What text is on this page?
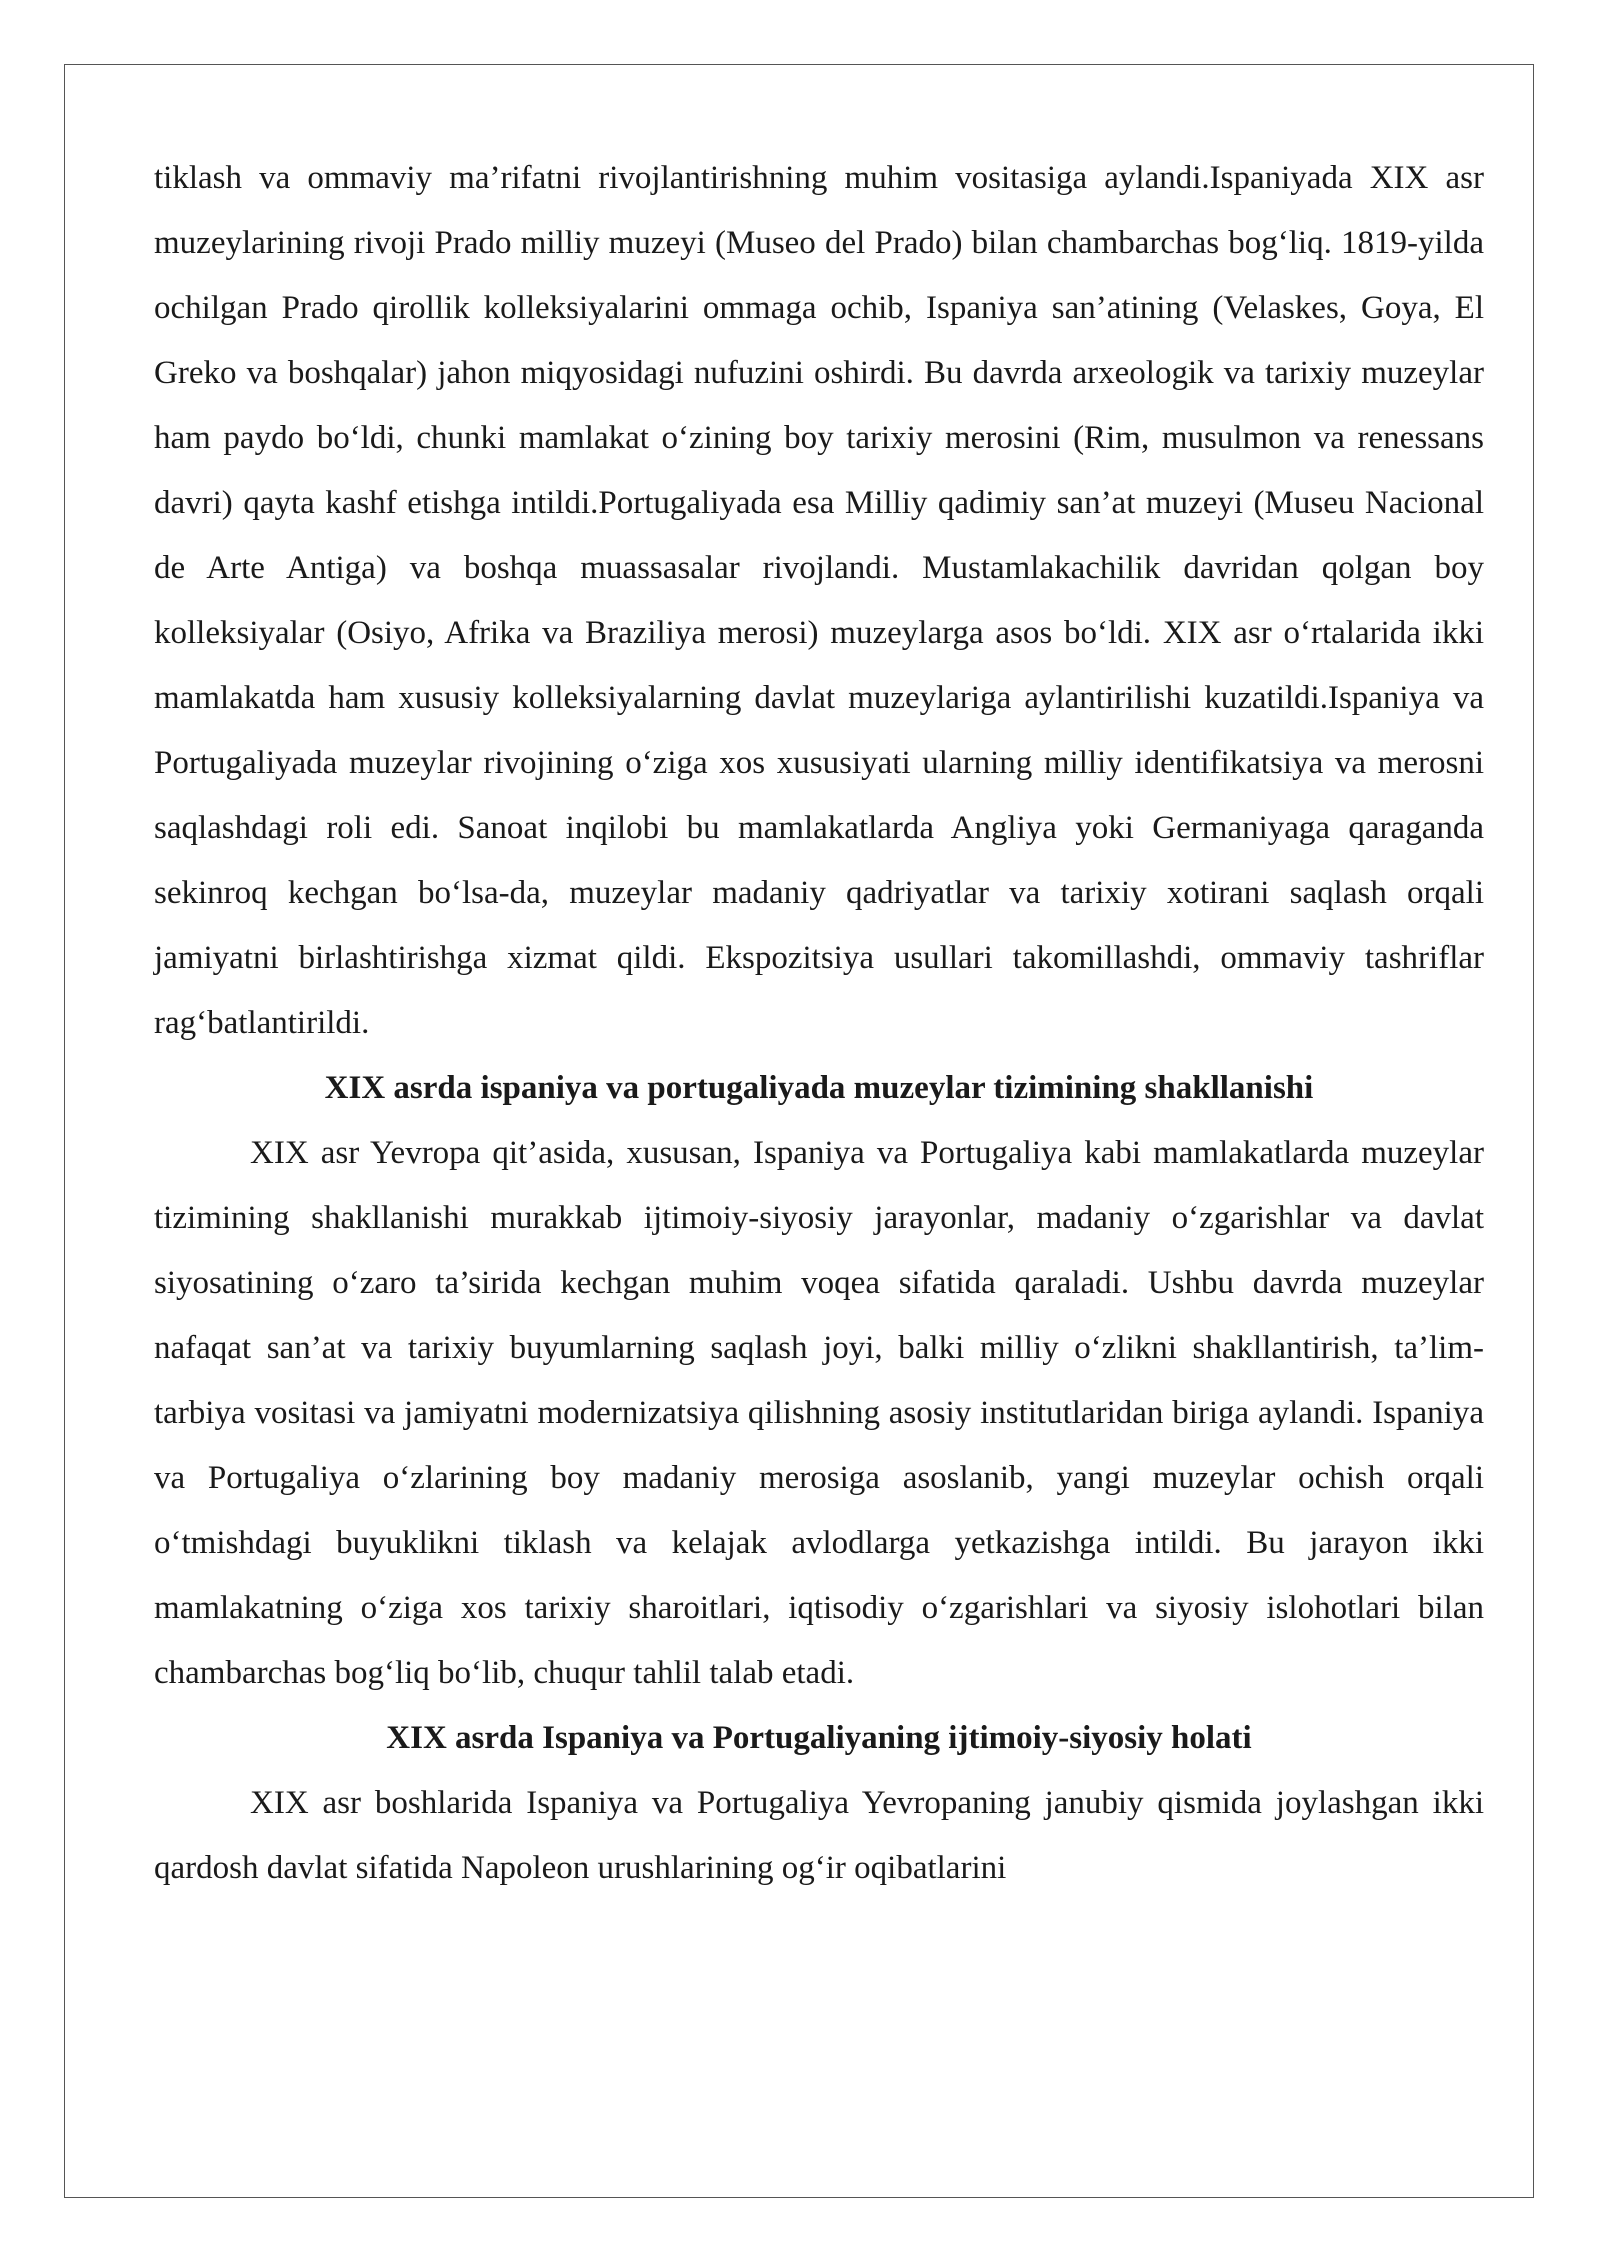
tiklash va ommaviy ma’rifatni rivojlantirishning muhim vositasiga aylandi.Ispaniyada XIX asr muzeylarining rivoji Prado milliy muzeyi (Museo del Prado) bilan chambarchas bog‘liq. 1819-yilda ochilgan Prado qirollik kolleksiyalarini ommaga ochib, Ispaniya san’atining (Velaskes, Goya, El Greko va boshqalar) jahon miqyosidagi nufuzini oshirdi. Bu davrda arxeologik va tarixiy muzeylar ham paydo bo‘ldi, chunki mamlakat o‘zining boy tarixiy merosini (Rim, musulmon va renessans davri) qayta kashf etishga intildi.Portugaliyada esa Milliy qadimiy san’at muzeyi (Museu Nacional de Arte Antiga) va boshqa muassasalar rivojlandi. Mustamlakachilik davridan qolgan boy kolleksiyalar (Osiyo, Afrika va Braziliya merosi) muzeylarga asos bo‘ldi. XIX asr o‘rtalarida ikki mamlakatda ham xususiy kolleksiyalarning davlat muzeylariga aylantirilishi kuzatildi.Ispaniya va Portugaliyada muzeylar rivojining o‘ziga xos xususiyati ularning milliy identifikatsiya va merosni saqlashdagi roli edi. Sanoat inqilobi bu mamlakatlarda Angliya yoki Germaniyaga qaraganda sekinroq kechgan bo‘lsa-da, muzeylar madaniy qadriyatlar va tarixiy xotirani saqlash orqali jamiyatni birlashtirishga xizmat qildi. Ekspozitsiya usullari takomillashdi, ommaviy tashriflar rag‘batlantirildi.

XIX asrda ispaniya va portugaliyada muzeylar tizimining shakllanishi

XIX asr Yevropa qit’asida, xususan, Ispaniya va Portugaliya kabi mamlakatlarda muzeylar tizimining shakllanishi murakkab ijtimoiy-siyosiy jarayonlar, madaniy o‘zgarishlar va davlat siyosatining o‘zaro ta’sirida kechgan muhim voqea sifatida qaraladi. Ushbu davrda muzeylar nafaqat san’at va tarixiy buyumlarning saqlash joyi, balki milliy o‘zlikni shakllantirish, ta’lim-tarbiya vositasi va jamiyatni modernizatsiya qilishning asosiy institutlaridan biriga aylandi. Ispaniya va Portugaliya o‘zlarining boy madaniy merosiga asoslanib, yangi muzeylar ochish orqali o‘tmishdagi buyuklikni tiklash va kelajak avlodlarga yetkazishga intildi. Bu jarayon ikki mamlakatning o‘ziga xos tarixiy sharoitlari, iqtisodiy o‘zgarishlari va siyosiy islohotlari bilan chambarchas bog‘liq bo‘lib, chuqur tahlil talab etadi.

XIX asrda Ispaniya va Portugaliyaning ijtimoiy-siyosiy holati

XIX asr boshlarida Ispaniya va Portugaliya Yevropaning janubiy qismida joylashgan ikki qardosh davlat sifatida Napoleon urushlarining og‘ir oqibatlarini
